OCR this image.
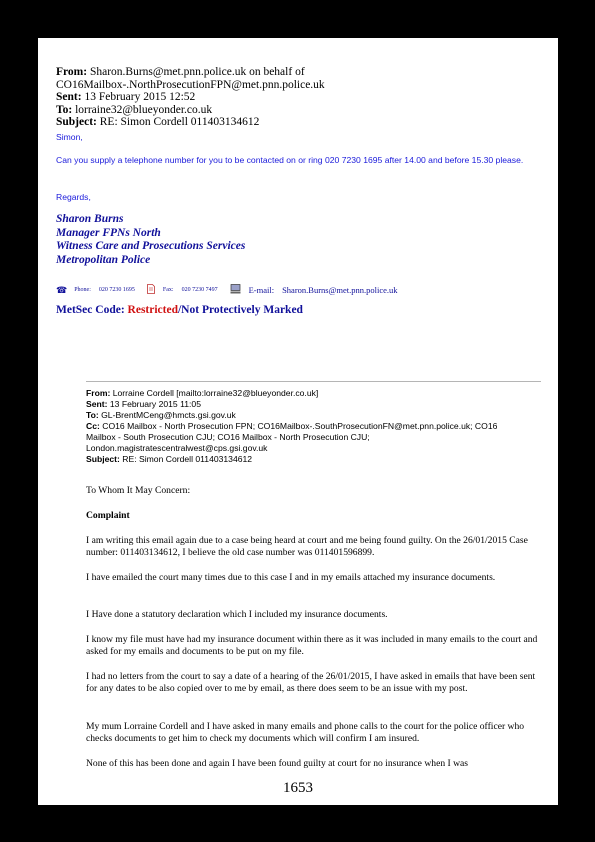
From: Sharon.Burns@met.pnn.police.uk on behalf of
CO16Mailbox-.NorthProsecutionFPN@met.pnn.police.uk
Sent: 13 February 2015 12:52
To: lorraine32@blueyonder.co.uk
Subject: RE: Simon Cordell 011403134612
Simon,
Can you supply a telephone number for you to be contacted on or ring 020 7230 1695 after 14.00 and before 15.30 please.
Regards,
Sharon Burns
Manager FPNs North
Witness Care and Prosecutions Services
Metropolitan Police
☎ Phone: 020 7230 1695	Fax: 020 7230 7497	E-mail: Sharon.Burns@met.pnn.police.uk
MetSec Code: Restricted/Not Protectively Marked
From: Lorraine Cordell [mailto:lorraine32@blueyonder.co.uk]
Sent: 13 February 2015 11:05
To: GL-BrentMCeng@hmcts.gsi.gov.uk
Cc: CO16 Mailbox - North Prosecution FPN; CO16Mailbox-.SouthProsecutionFN@met.pnn.police.uk; CO16
Mailbox - South Prosecution CJU; CO16 Mailbox - North Prosecution CJU;
London.magistratescentralwest@cps.gsi.gov.uk
Subject: RE: Simon Cordell 011403134612

To Whom It May Concern:

Complaint

I am writing this email again due to a case being heard at court and me being found guilty. On the 26/01/2015 Case number: 011403134612, I believe the old case number was 011401596899.

I have emailed the court many times due to this case I and in my emails attached my insurance documents.

I Have done a statutory declaration which I included my insurance documents.

I know my file must have had my insurance document within there as it was included in many emails to the court and asked for my emails and documents to be put on my file.

I had no letters from the court to say a date of a hearing of the 26/01/2015, I have asked in emails that have been sent for any dates to be also copied over to me by email, as there does seem to be an issue with my post.

My mum Lorraine Cordell and I have asked in many emails and phone calls to the court for the police officer who checks documents to get him to check my documents which will confirm I am insured.

None of this has been done and again I have been found guilty at court for no insurance when I was

1653
